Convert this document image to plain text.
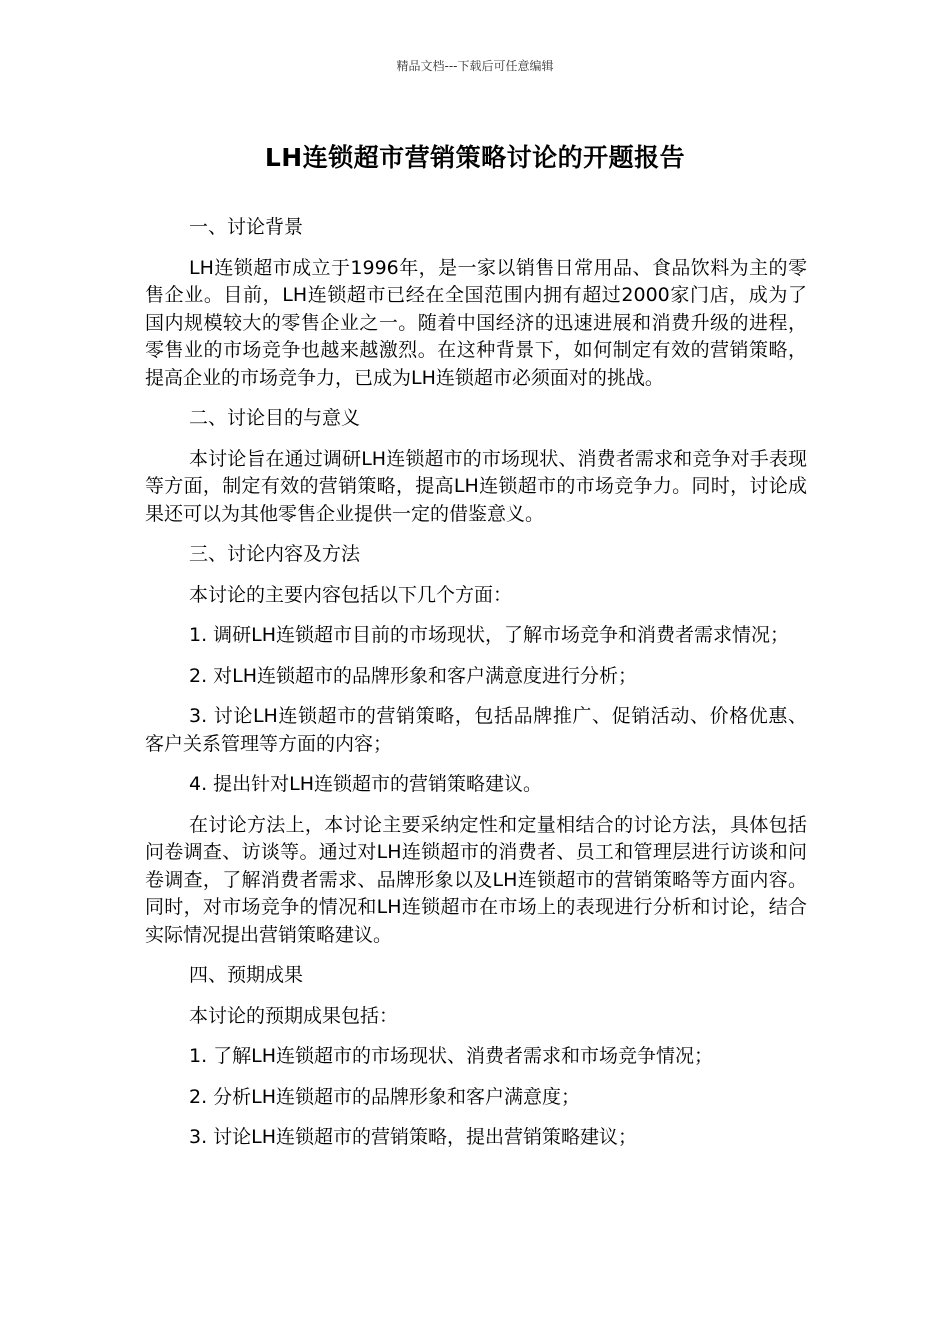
精品文档---下载后可任意编辑
LH连锁超市营销策略讨论的开题报告

一、讨论背景

LH连锁超市成立于1996年，是一家以销售日常用品、食品饮料为主的零售企业。目前，LH连锁超市已经在全国范围内拥有超过2000家门店，成为了国内规模较大的零售企业之一。随着中国经济的迅速进展和消费升级的进程，零售业的市场竞争也越来越激烈。在这种背景下，如何制定有效的营销策略，提高企业的市场竞争力，已成为LH连锁超市必须面对的挑战。

二、讨论目的与意义

本讨论旨在通过调研LH连锁超市的市场现状、消费者需求和竞争对手表现等方面，制定有效的营销策略，提高LH连锁超市的市场竞争力。同时，讨论成果还可以为其他零售企业提供一定的借鉴意义。

三、讨论内容及方法

本讨论的主要内容包括以下几个方面：

1. 调研LH连锁超市目前的市场现状，了解市场竞争和消费者需求情况；

2. 对LH连锁超市的品牌形象和客户满意度进行分析；

3. 讨论LH连锁超市的营销策略，包括品牌推广、促销活动、价格优惠、客户关系管理等方面的内容；

4. 提出针对LH连锁超市的营销策略建议。

在讨论方法上，本讨论主要采纳定性和定量相结合的讨论方法，具体包括问卷调查、访谈等。通过对LH连锁超市的消费者、员工和管理层进行访谈和问卷调查，了解消费者需求、品牌形象以及LH连锁超市的营销策略等方面内容。同时，对市场竞争的情况和LH连锁超市在市场上的表现进行分析和讨论，结合实际情况提出营销策略建议。

四、预期成果

本讨论的预期成果包括：

1. 了解LH连锁超市的市场现状、消费者需求和市场竞争情况；

2. 分析LH连锁超市的品牌形象和客户满意度；

3. 讨论LH连锁超市的营销策略，提出营销策略建议；
